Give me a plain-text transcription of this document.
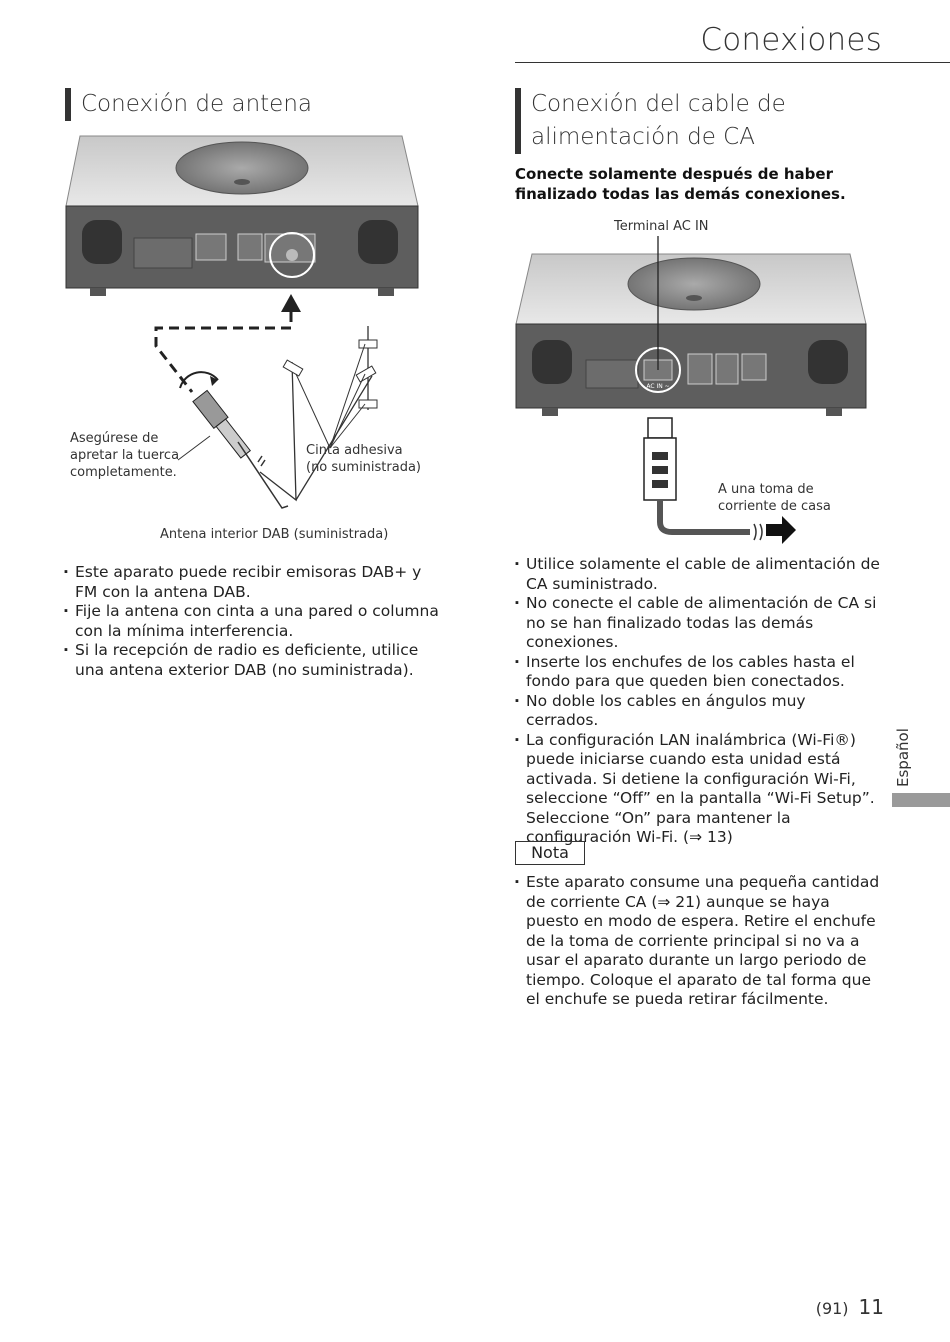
Conexiones
Conexión de antena
Asegúrese de
apretar la tuerca
completamente.
Cinta adhesiva
(no suministrada)
Antena interior DAB (suministrada)
· Este aparato puede recibir emisoras DAB+ y FM con la antena DAB.
· Fije la antena con cinta a una pared o columna con la mínima interferencia.
· Si la recepción de radio es deficiente, utilice una antena exterior DAB (no suministrada).
Conexión del cable de alimentación de CA
Conecte solamente después de haber finalizado todas las demás conexiones.
Terminal AC IN
AC IN ~
A una toma de
corriente de casa
· Utilice solamente el cable de alimentación de CA suministrado.
· No conecte el cable de alimentación de CA si no se han finalizado todas las demás conexiones.
· Inserte los enchufes de los cables hasta el fondo para que queden bien conectados.
· No doble los cables en ángulos muy cerrados.
· La configuración LAN inalámbrica (Wi-Fi®) puede iniciarse cuando esta unidad está activada. Si detiene la configuración Wi-Fi, seleccione “Off” en la pantalla “Wi-Fi Setup”. Seleccione “On” para mantener la configuración Wi-Fi. (⇒ 13)
Nota
· Este aparato consume una pequeña cantidad de corriente CA (⇒ 21) aunque se haya puesto en modo de espera. Retire el enchufe de la toma de corriente principal si no va a usar el aparato durante un largo periodo de tiempo. Coloque el aparato de tal forma que el enchufe se pueda retirar fácilmente.
Español
(91) 11
